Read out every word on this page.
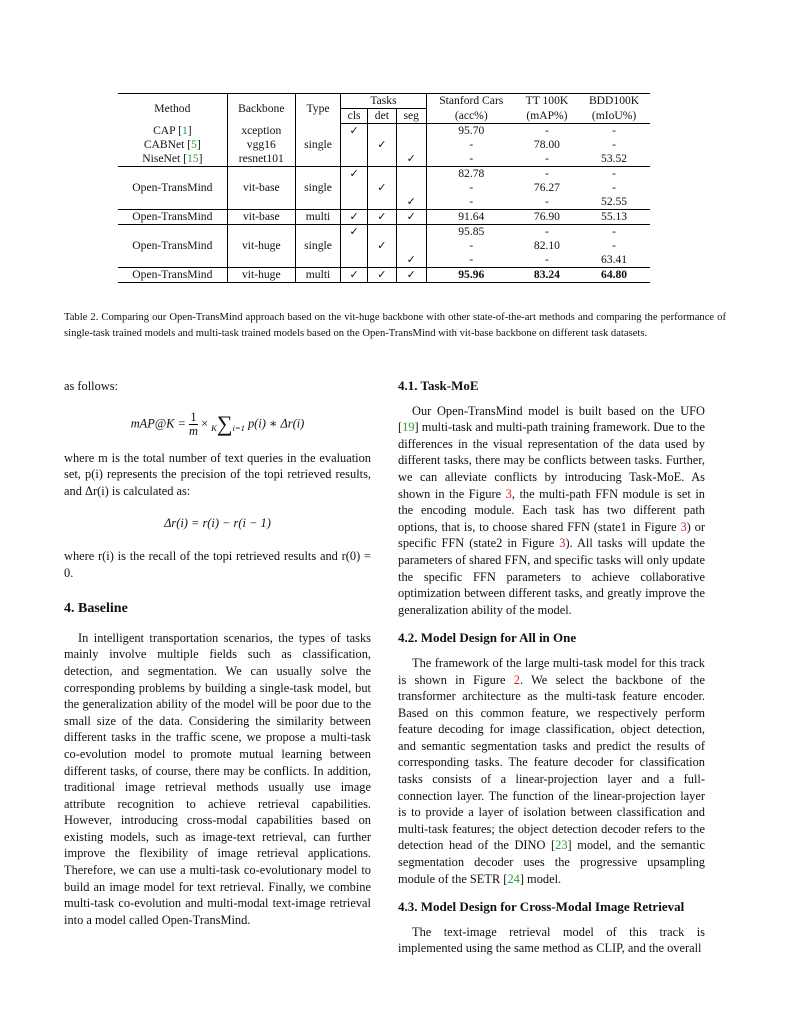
Method	Backbone	Type	Tasks			Stanford Cars	TT 100K	BDD100K
			cls	det	seg	(acc%)	(mAP%)	(mIoU%)
CAP [1]	xception	single	✓			95.70	-	-
CABNet [5]	vgg16			✓		-	78.00	-
NiseNet [15]	resnet101				✓	-	-	53.52
Open-TransMind	vit-base	single	✓			82.78	-	-
				✓		-	76.27	-
					✓	-	-	52.55
Open-TransMind	vit-base	multi	✓	✓	✓	91.64	76.90	55.13
Open-TransMind	vit-huge	single	✓			95.85	-	-
				✓		-	82.10	-
					✓	-	-	63.41
Open-TransMind	vit-huge	multi	✓	✓	✓	95.96	83.24	64.80
Table 2. Comparing our Open-TransMind approach based on the vit-huge backbone with other state-of-the-art methods and comparing the performance of single-task trained models and multi-task trained models based on the Open-TransMind with vit-base backbone on different task datasets.

as follows:

mAP@K = $\frac{1}{m} \times K\sum i=1$ p(i) ∗ Δr(i)

where m is the total number of text queries in the evaluation set, p(i) represents the precision of the topi retrieved results, and Δr(i) is calculated as:

Δr(i) = r(i) − r(i − 1)

where r(i) is the recall of the topi retrieved results and r(0) = 0.

4. Baseline

In intelligent transportation scenarios, the types of tasks mainly involve multiple fields such as classification, detection, and segmentation. We can usually solve the corresponding problems by building a single-task model, but the generalization ability of the model will be poor due to the small size of the data. Considering the similarity between different tasks in the traffic scene, we propose a multi-task co-evolution model to promote mutual learning between different tasks, of course, there may be conflicts. In addition, traditional image retrieval methods usually use image attribute recognition to achieve retrieval capabilities. However, introducing cross-modal capabilities based on existing models, such as image-text retrieval, can further improve the flexibility of image retrieval applications. Therefore, we can use a multi-task co-evolutionary model to build an image model for text retrieval. Finally, we combine multi-task co-evolution and multi-modal text-image retrieval into a model called Open-TransMind.

4.1. Task-MoE

Our Open-TransMind model is built based on the UFO [19] multi-task and multi-path training framework. Due to the differences in the visual representation of the data used by different tasks, there may be conflicts between tasks. Further, we can alleviate conflicts by introducing Task-MoE. As shown in the Figure 3, the multi-path FFN module is set in the encoding module. Each task has two different path options, that is, to choose shared FFN (state1 in Figure 3) or specific FFN (state2 in Figure 3). All tasks will update the parameters of shared FFN, and specific tasks will only update the specific FFN parameters to achieve collaborative optimization between different tasks, and greatly improve the generalization ability of the model.

4.2. Model Design for All in One

The framework of the large multi-task model for this track is shown in Figure 2. We select the backbone of the transformer architecture as the multi-task feature encoder. Based on this common feature, we respectively perform feature decoding for image classification, object detection, and semantic segmentation tasks and predict the results of corresponding tasks. The feature decoder for classification tasks consists of a linear-projection layer and a full-connection layer. The function of the linear-projection layer is to provide a layer of isolation between classification and multi-task features; the object detection decoder refers to the detection head of the DINO [23] model, and the semantic segmentation decoder uses the progressive upsampling module of the SETR [24] model.

4.3. Model Design for Cross-Modal Image Retrieval

The text-image retrieval model of this track is implemented using the same method as CLIP, and the overall
